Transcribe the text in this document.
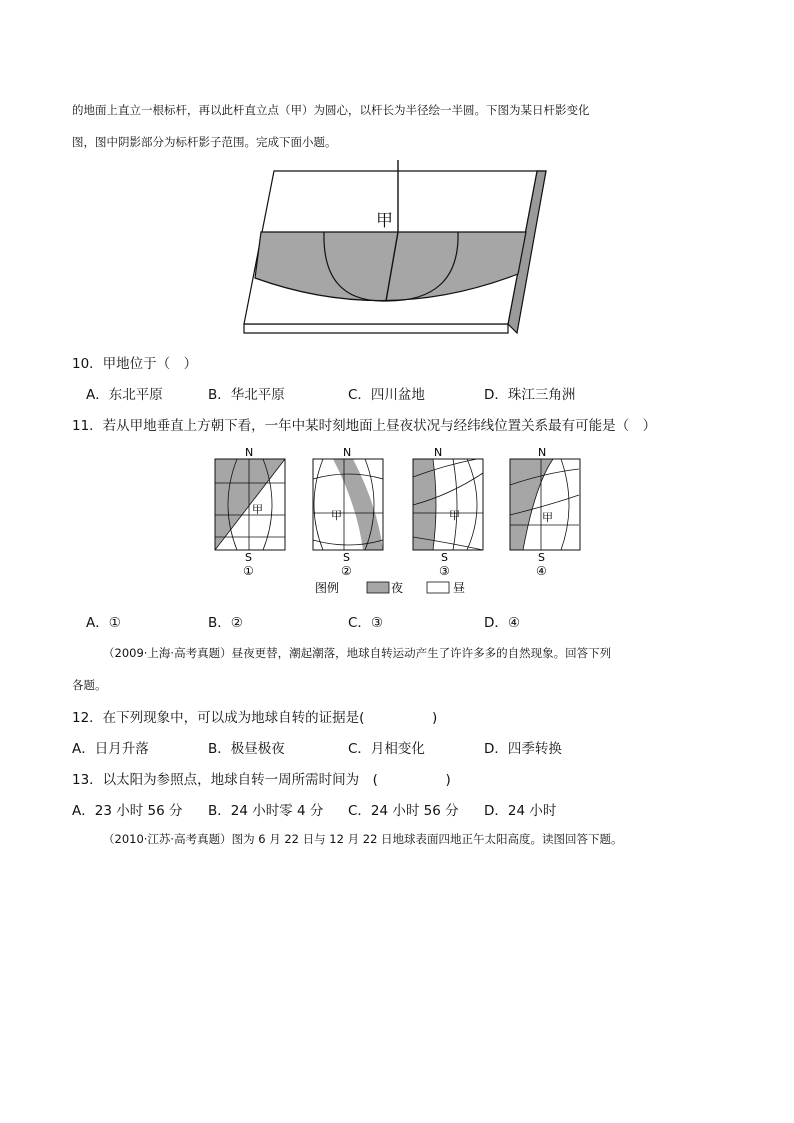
的地面上直立一根标杆，再以此杆直立点（甲）为圆心，以杆长为半径绘一半圆。下图为某日杆影变化
图，图中阴影部分为标杆影子范围。完成下面小题。
甲
10．甲地位于（　）
A．东北平原	B．华北平原	C．四川盆地	D．珠江三角洲
11．若从甲地垂直上方朝下看，一年中某时刻地面上昼夜状况与经纬线位置关系最有可能是（　）
N
甲
S
①
N
甲
S
②
N
甲
S
③
N
甲
S
④
图例	夜	昼
A．①	B．②	C．③	D．④
（2009·上海·高考真题）昼夜更替，潮起潮落，地球自转运动产生了许许多多的自然现象。回答下列
各题。
12．在下列现象中，可以成为地球自转的证据是(　　　　　)
A．日月升落	B．极昼极夜	C．月相变化	D．四季转换
13．以太阳为参照点，地球自转一周所需时间为　(　　　　　)
A．23 小时 56 分 B．24 小时零 4 分 C．24 小时 56 分 D．24 小时
（2010·江苏·高考真题）图为 6 月 22 日与 12 月 22 日地球表面四地正午太阳高度。读图回答下题。
